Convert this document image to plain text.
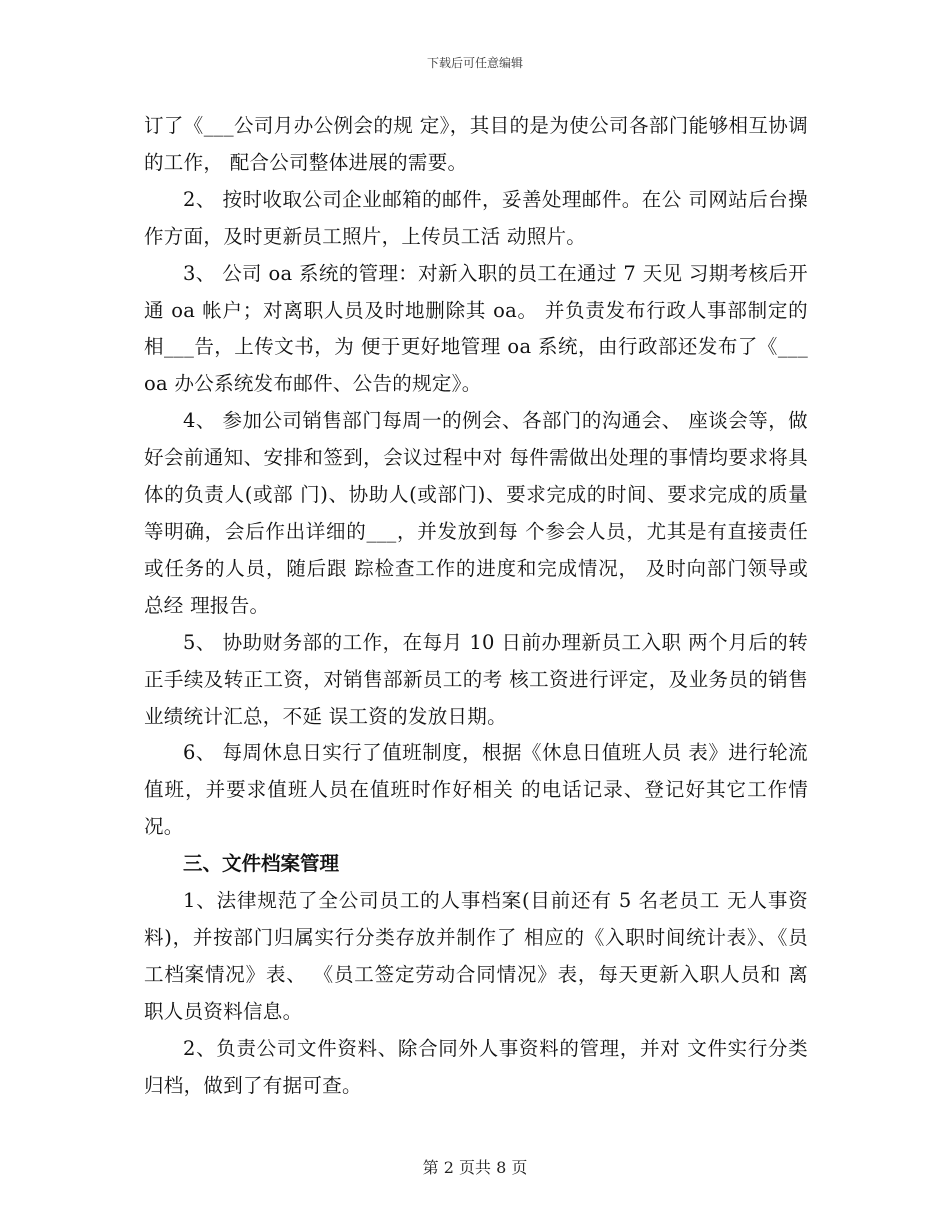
下载后可任意编辑

订了《___公司月办公例会的规 定》，其目的是为使公司各部门能够相互协调的工作， 配合公司整体进展的需要。

2、 按时收取公司企业邮箱的邮件，妥善处理邮件。在公 司网站后台操作方面，及时更新员工照片，上传员工活 动照片。

3、 公司 oa 系统的管理：对新入职的员工在通过 7 天见 习期考核后开通 oa 帐户；对离职人员及时地删除其 oa。 并负责发布行政人事部制定的相___告，上传文书，为 便于更好地管理 oa 系统，由行政部还发布了《___ oa 办公系统发布邮件、公告的规定》。

4、 参加公司销售部门每周一的例会、各部门的沟通会、 座谈会等，做好会前通知、安排和签到，会议过程中对 每件需做出处理的事情均要求将具体的负责人(或部 门)、协助人(或部门)、要求完成的时间、要求完成的质量等明确，会后作出详细的___，并发放到每 个参会人员，尤其是有直接责任或任务的人员，随后跟 踪检查工作的进度和完成情况， 及时向部门领导或总经 理报告。

5、 协助财务部的工作，在每月 10 日前办理新员工入职 两个月后的转正手续及转正工资，对销售部新员工的考 核工资进行评定，及业务员的销售业绩统计汇总，不延 误工资的发放日期。

6、 每周休息日实行了值班制度，根据《休息日值班人员 表》进行轮流值班，并要求值班人员在值班时作好相关 的电话记录、登记好其它工作情况。

三、文件档案管理

1、法律规范了全公司员工的人事档案(目前还有 5 名老员工 无人事资料)，并按部门归属实行分类存放并制作了 相应的《入职时间统计表》、《员工档案情况》表、 《员工签定劳动合同情况》表，每天更新入职人员和 离职人员资料信息。

2、负责公司文件资料、除合同外人事资料的管理，并对 文件实行分类归档，做到了有据可查。

第 2 页共 8 页
